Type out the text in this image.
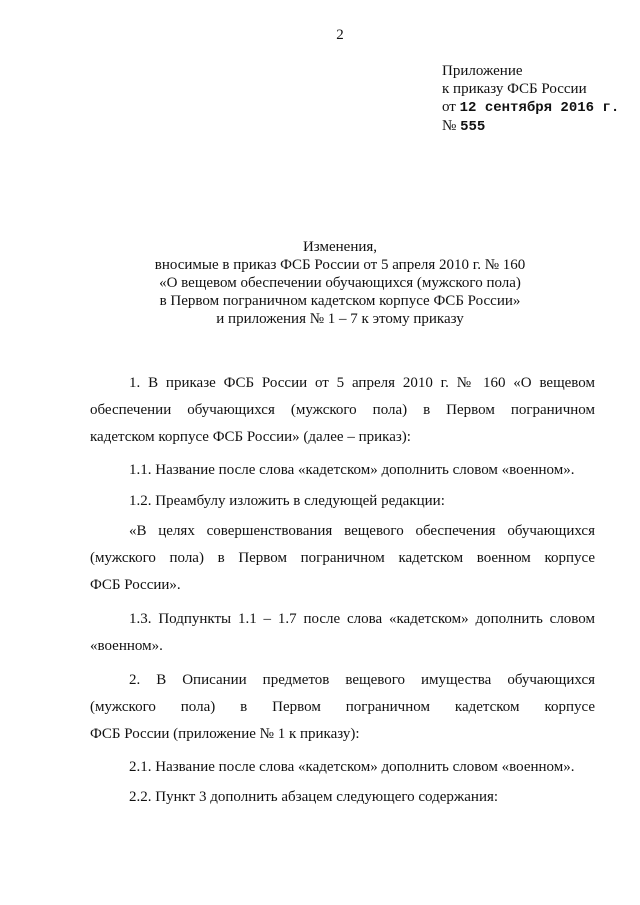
2
Приложение
к приказу ФСБ России
от 12 сентября 2016 г.
№ 555
Изменения,
вносимые в приказ ФСБ России от 5 апреля 2010 г. № 160
«О вещевом обеспечении обучающихся (мужского пола)
в Первом пограничном кадетском корпусе ФСБ России»
и приложения № 1 – 7 к этому приказу
1. В приказе ФСБ России от 5 апреля 2010 г. № 160 «О вещевом
обеспечении обучающихся (мужского пола) в Первом пограничном
кадетском корпусе ФСБ России» (далее – приказ):
1.1. Название после слова «кадетском» дополнить словом «военном».
1.2. Преамбулу изложить в следующей редакции:
«В целях совершенствования вещевого обеспечения обучающихся
(мужского пола) в Первом пограничном кадетском военном корпусе
ФСБ России».
1.3. Подпункты 1.1 – 1.7 после слова «кадетском» дополнить словом
«военном».
2. В Описании предметов вещевого имущества обучающихся
(мужского пола) в Первом пограничном кадетском корпусе
ФСБ России (приложение № 1 к приказу):
2.1. Название после слова «кадетском» дополнить словом «военном».
2.2. Пункт 3 дополнить абзацем следующего содержания:
